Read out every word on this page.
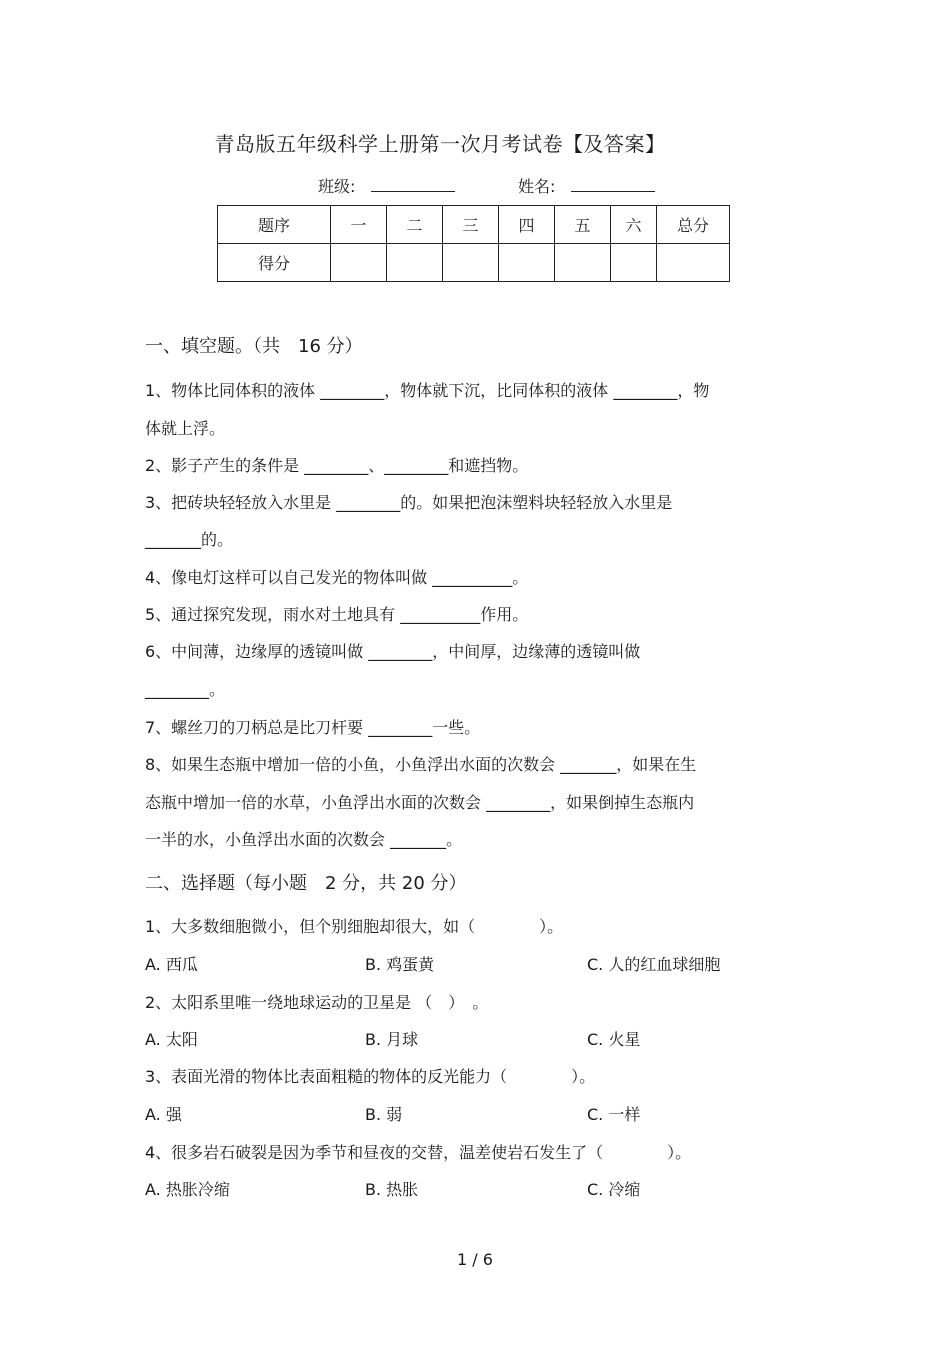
青岛版五年级科学上册第一次月考试卷【及答案】
班级:	姓名:
题序	一	二	三	四	五	六	总分
得分							
一、填空题。（共　16 分）
1、物体比同体积的液体 ________，物体就下沉，比同体积的液体 ________，物
体就上浮。
2、影子产生的条件是 ________、________和遮挡物。
3、把砖块轻轻放入水里是 ________的。如果把泡沫塑料块轻轻放入水里是
_______的。
4、像电灯这样可以自己发光的物体叫做 __________。
5、通过探究发现，雨水对土地具有 __________作用。
6、中间薄，边缘厚的透镜叫做 ________，中间厚，边缘薄的透镜叫做
________。
7、螺丝刀的刀柄总是比刀杆要 ________一些。
8、如果生态瓶中增加一倍的小鱼，小鱼浮出水面的次数会 _______，如果在生
态瓶中增加一倍的水草，小鱼浮出水面的次数会 ________，如果倒掉生态瓶内
一半的水，小鱼浮出水面的次数会 _______。
二、选择题（每小题　2 分，共 20 分）
1、大多数细胞微小，但个别细胞却很大，如（　　　　）。
A. 西瓜	B. 鸡蛋黄	C. 人的红血球细胞
2、太阳系里唯一绕地球运动的卫星是 （　）　。
A. 太阳	B. 月球	C. 火星
3、表面光滑的物体比表面粗糙的物体的反光能力（　　　　）。
A. 强	B. 弱	C. 一样
4、很多岩石破裂是因为季节和昼夜的交替，温差使岩石发生了（　　　　）。
A. 热胀冷缩	B. 热胀	C. 冷缩
1 / 6
